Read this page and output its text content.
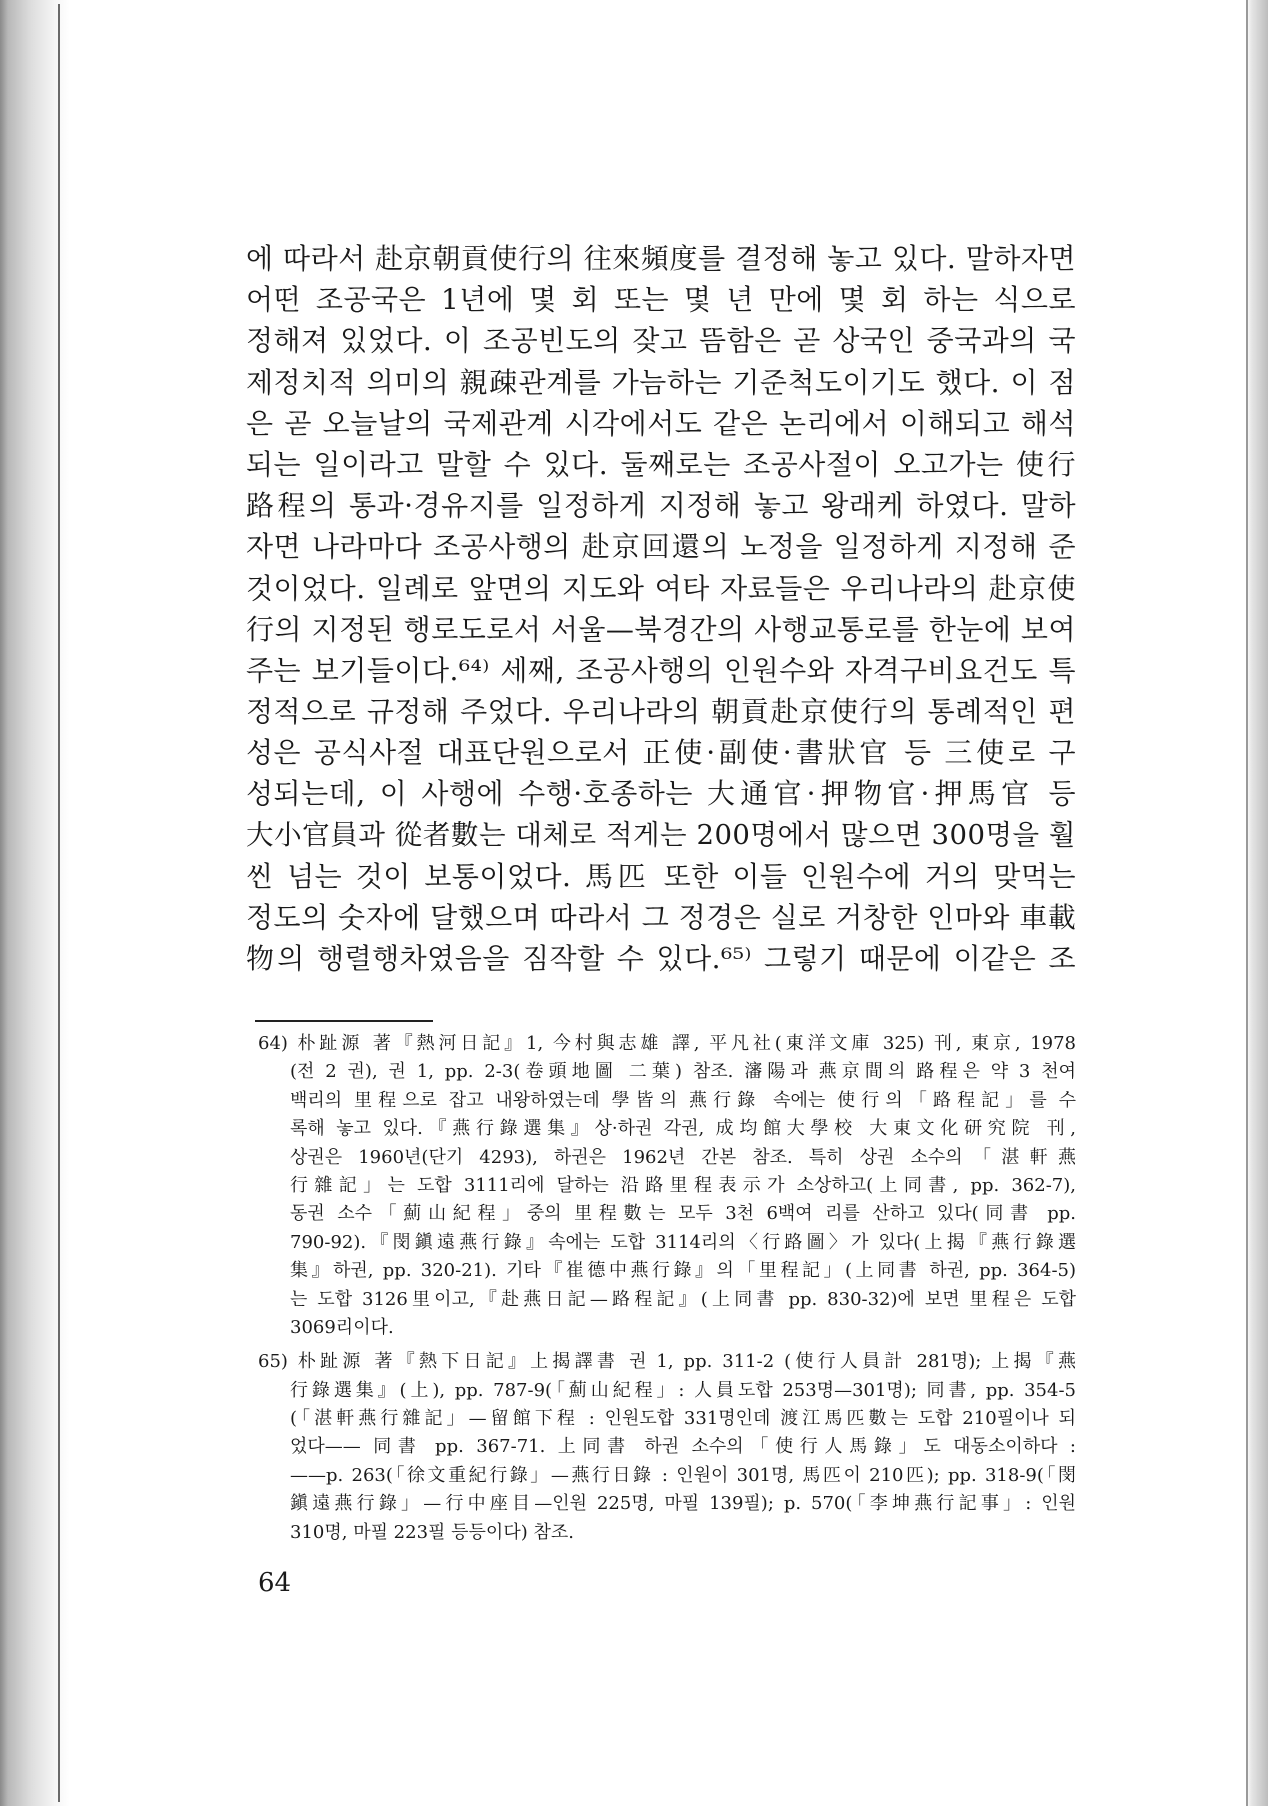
에 따라서 赴京朝貢使行의 往來頻度를 결정해 놓고 있다. 말하자면
어떤 조공국은 1년에 몇 회 또는 몇 년 만에 몇 회 하는 식으로
정해져 있었다. 이 조공빈도의 잦고 뜸함은 곧 상국인 중국과의 국
제정치적 의미의 親疎관계를 가늠하는 기준척도이기도 했다. 이 점
은 곧 오늘날의 국제관계 시각에서도 같은 논리에서 이해되고 해석
되는 일이라고 말할 수 있다. 둘째로는 조공사절이 오고가는 使行
路程의 통과·경유지를 일정하게 지정해 놓고 왕래케 하였다. 말하
자면 나라마다 조공사행의 赴京回還의 노정을 일정하게 지정해 준
것이었다. 일례로 앞면의 지도와 여타 자료들은 우리나라의 赴京使
行의 지정된 행로도로서 서울—북경간의 사행교통로를 한눈에 보여
주는 보기들이다.⁶⁴⁾ 세째, 조공사행의 인원수와 자격구비요건도 특
정적으로 규정해 주었다. 우리나라의 朝貢赴京使行의 통례적인 편
성은 공식사절 대표단원으로서 正使·副使·書狀官 등 三使로 구
성되는데, 이 사행에 수행·호종하는 大通官·押物官·押馬官 등
大小官員과 從者數는 대체로 적게는 200명에서 많으면 300명을 훨
씬 넘는 것이 보통이었다. 馬匹 또한 이들 인원수에 거의 맞먹는
정도의 숫자에 달했으며 따라서 그 정경은 실로 거창한 인마와 車載
物의 행렬행차였음을 짐작할 수 있다.⁶⁵⁾ 그렇기 때문에 이같은 조
64) 朴趾源 著『熱河日記』1, 今村與志雄 譯, 平凡社(東洋文庫 325) 刊, 東京, 1978
(전 2 권), 권 1, pp. 2-3(卷頭地圖 二葉) 참조. 瀋陽과 燕京間의 路程은 약 3 천여
백리의 里程으로 잡고 내왕하였는데 學皆의 燕行錄 속에는 使行의「路程記」를 수
록해 놓고 있다.『燕行錄選集』상·하권 각권, 成均館大學校 大東文化研究院 刊,
상권은 1960년(단기 4293), 하권은 1962년 간본 참조. 특히 상권 소수의「湛軒燕
行雜記」는 도합 3111리에 달하는 沿路里程表示가 소상하고(上同書, pp. 362-7),
동권 소수「薊山紀程」중의 里程數는 모두 3천 6백여 리를 산하고 있다(同書 pp.
790-92).『閔鎭遠燕行錄』속에는 도합 3114리의〈行路圖〉가 있다(上揭『燕行錄選
集』하권, pp. 320-21). 기타『崔德中燕行錄』의「里程記」(上同書 하권, pp. 364-5)
는 도합 3126里이고,『赴燕日記—路程記』(上同書 pp. 830-32)에 보면 里程은 도합
3069리이다.
65) 朴趾源 著『熱下日記』上揭譯書 권 1, pp. 311-2 (使行人員計 281명); 上揭『燕
行錄選集』(上), pp. 787-9(「薊山紀程」: 人員도합 253명—301명); 同書, pp. 354-5
(「湛軒燕行雜記」—留館下程 : 인원도합 331명인데 渡江馬匹數는 도합 210필이나 되
었다—— 同書 pp. 367-71. 上同書 하권 소수의「使行人馬錄」도 대동소이하다 :
——p. 263(「徐文重紀行錄」—燕行日錄 : 인원이 301명, 馬匹이 210匹); pp. 318-9(「閔
鎭遠燕行錄」—行中座目—인원 225명, 마필 139필); p. 570(「李坤燕行記事」: 인원
310명, 마필 223필 등등이다) 참조.
64
